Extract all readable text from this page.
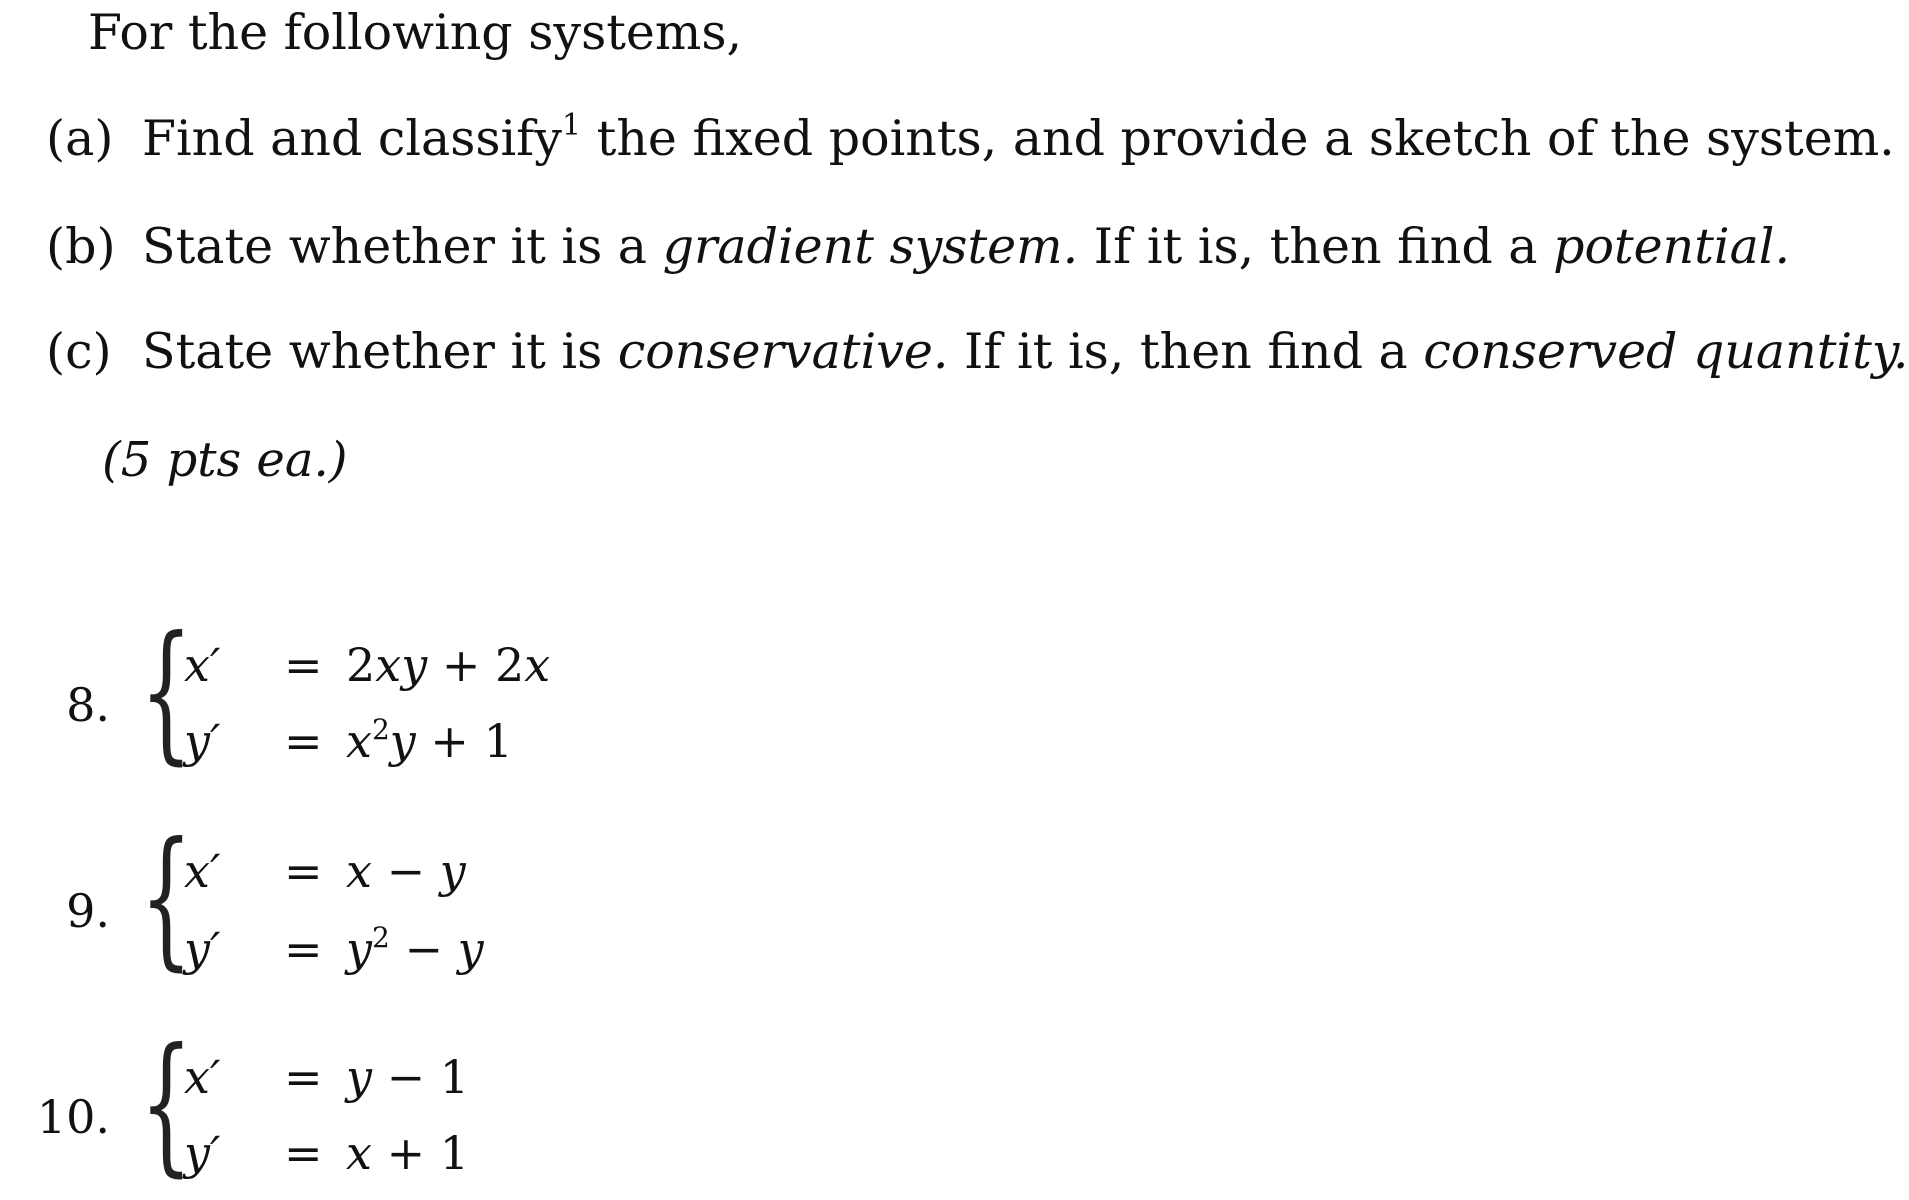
For the following systems,
(a) Find and classify$^1$ the fixed points, and provide a sketch of the system.
(b) State whether it is a gradient system. If it is, then find a potential.
(c) State whether it is conservative. If it is, then find a conserved quantity.
(5 pts ea.)
8. {
x′ =2xy + 2x
$y' =x^2y + 1$
9. {
x′ =x − y
$y' =y^2 - y$
10. {
x′ =y − 1
y′ =x + 1
